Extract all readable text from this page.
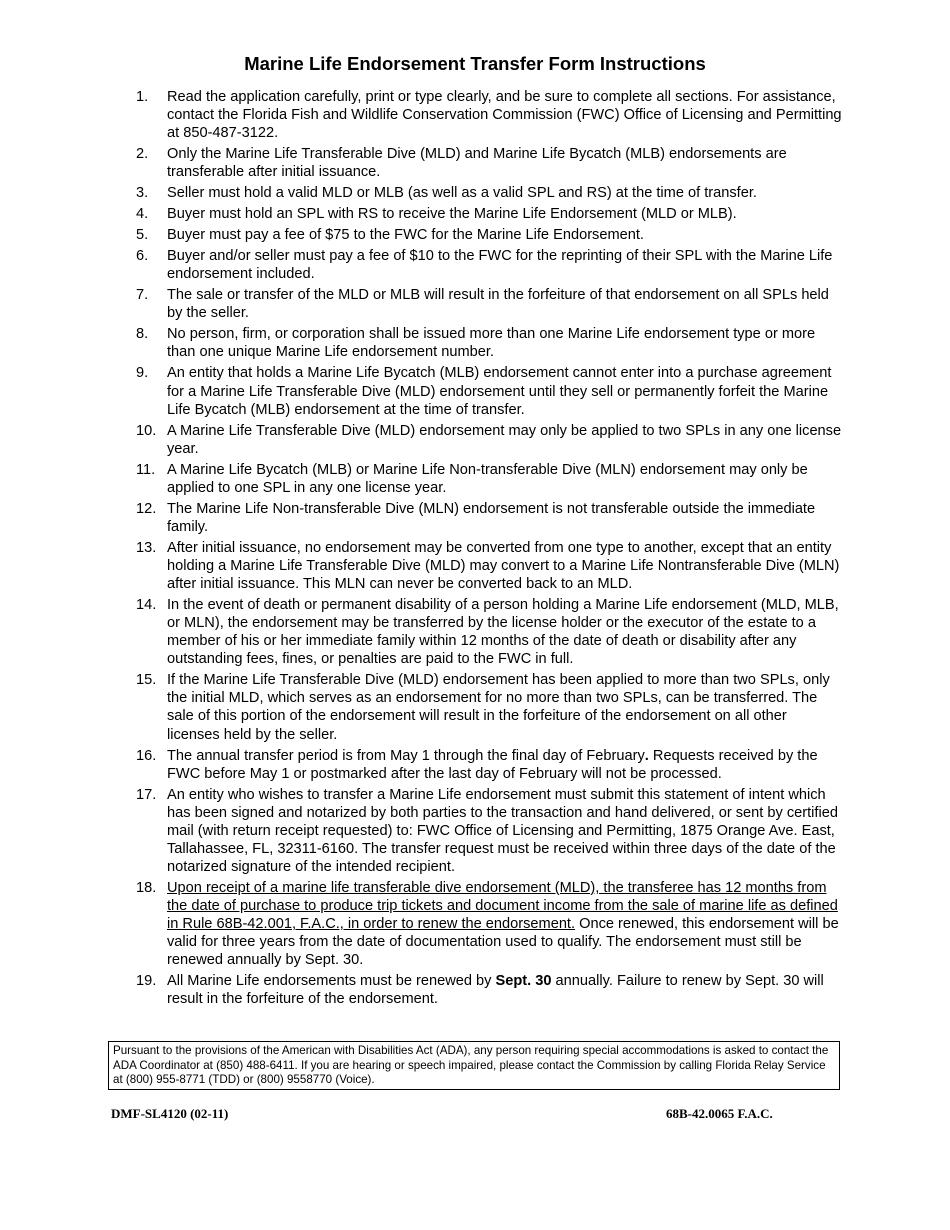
Marine Life Endorsement Transfer Form Instructions
1.	Read the application carefully, print or type clearly, and be sure to complete all sections. For assistance, contact the Florida Fish and Wildlife Conservation Commission (FWC) Office of Licensing and Permitting at 850-487-3122.
2.	Only the Marine Life Transferable Dive (MLD) and Marine Life Bycatch (MLB) endorsements are transferable after initial issuance.
3.	Seller must hold a valid MLD or MLB (as well as a valid SPL and RS) at the time of transfer.
4.	Buyer must hold an SPL with RS to receive the Marine Life Endorsement (MLD or MLB).
5.	Buyer must pay a fee of $75 to the FWC for the Marine Life Endorsement.
6.	Buyer and/or seller must pay a fee of $10 to the FWC for the reprinting of their SPL with the Marine Life endorsement included.
7.	The sale or transfer of the MLD or MLB will result in the forfeiture of that endorsement on all SPLs held by the seller.
8.	No person, firm, or corporation shall be issued more than one Marine Life endorsement type or more than one unique Marine Life endorsement number.
9.	An entity that holds a Marine Life Bycatch (MLB) endorsement cannot enter into a purchase agreement for a Marine Life Transferable Dive (MLD) endorsement until they sell or permanently forfeit the Marine Life Bycatch (MLB) endorsement at the time of transfer.
10. A Marine Life Transferable Dive (MLD) endorsement may only be applied to two SPLs in any one license year.
11. A Marine Life Bycatch (MLB) or Marine Life Non-transferable Dive (MLN) endorsement may only be applied to one SPL in any one license year.
12. The Marine Life Non-transferable Dive (MLN) endorsement is not transferable outside the immediate family.
13. After initial issuance, no endorsement may be converted from one type to another, except that an entity holding a Marine Life Transferable Dive (MLD) may convert to a Marine Life Nontransferable Dive (MLN) after initial issuance. This MLN can never be converted back to an MLD.
14. In the event of death or permanent disability of a person holding a Marine Life endorsement (MLD, MLB, or MLN), the endorsement may be transferred by the license holder or the executor of the estate to a member of his or her immediate family within 12 months of the date of death or disability after any outstanding fees, fines, or penalties are paid to the FWC in full.
15. If the Marine Life Transferable Dive (MLD) endorsement has been applied to more than two SPLs, only the initial MLD, which serves as an endorsement for no more than two SPLs, can be transferred. The sale of this portion of the endorsement will result in the forfeiture of the endorsement on all other licenses held by the seller.
16. The annual transfer period is from May 1 through the final day of February. Requests received by the FWC before May 1 or postmarked after the last day of February will not be processed.
17. An entity who wishes to transfer a Marine Life endorsement must submit this statement of intent which has been signed and notarized by both parties to the transaction and hand delivered, or sent by certified mail (with return receipt requested) to: FWC Office of Licensing and Permitting, 1875 Orange Ave. East, Tallahassee, FL, 32311-6160. The transfer request must be received within three days of the date of the notarized signature of the intended recipient.
18. Upon receipt of a marine life transferable dive endorsement (MLD), the transferee has 12 months from the date of purchase to produce trip tickets and document income from the sale of marine life as defined in Rule 68B-42.001, F.A.C., in order to renew the endorsement. Once renewed, this endorsement will be valid for three years from the date of documentation used to qualify. The endorsement must still be renewed annually by Sept. 30.
19. All Marine Life endorsements must be renewed by Sept. 30 annually. Failure to renew by Sept. 30 will result in the forfeiture of the endorsement.
Pursuant to the provisions of the American with Disabilities Act (ADA), any person requiring special accommodations is asked to contact the ADA Coordinator at (850) 488-6411. If you are hearing or speech impaired, please contact the Commission by calling Florida Relay Service at (800) 955-8771 (TDD) or (800) 9558770 (Voice).
DMF-SL4120 (02-11)	68B-42.0065 F.A.C.
